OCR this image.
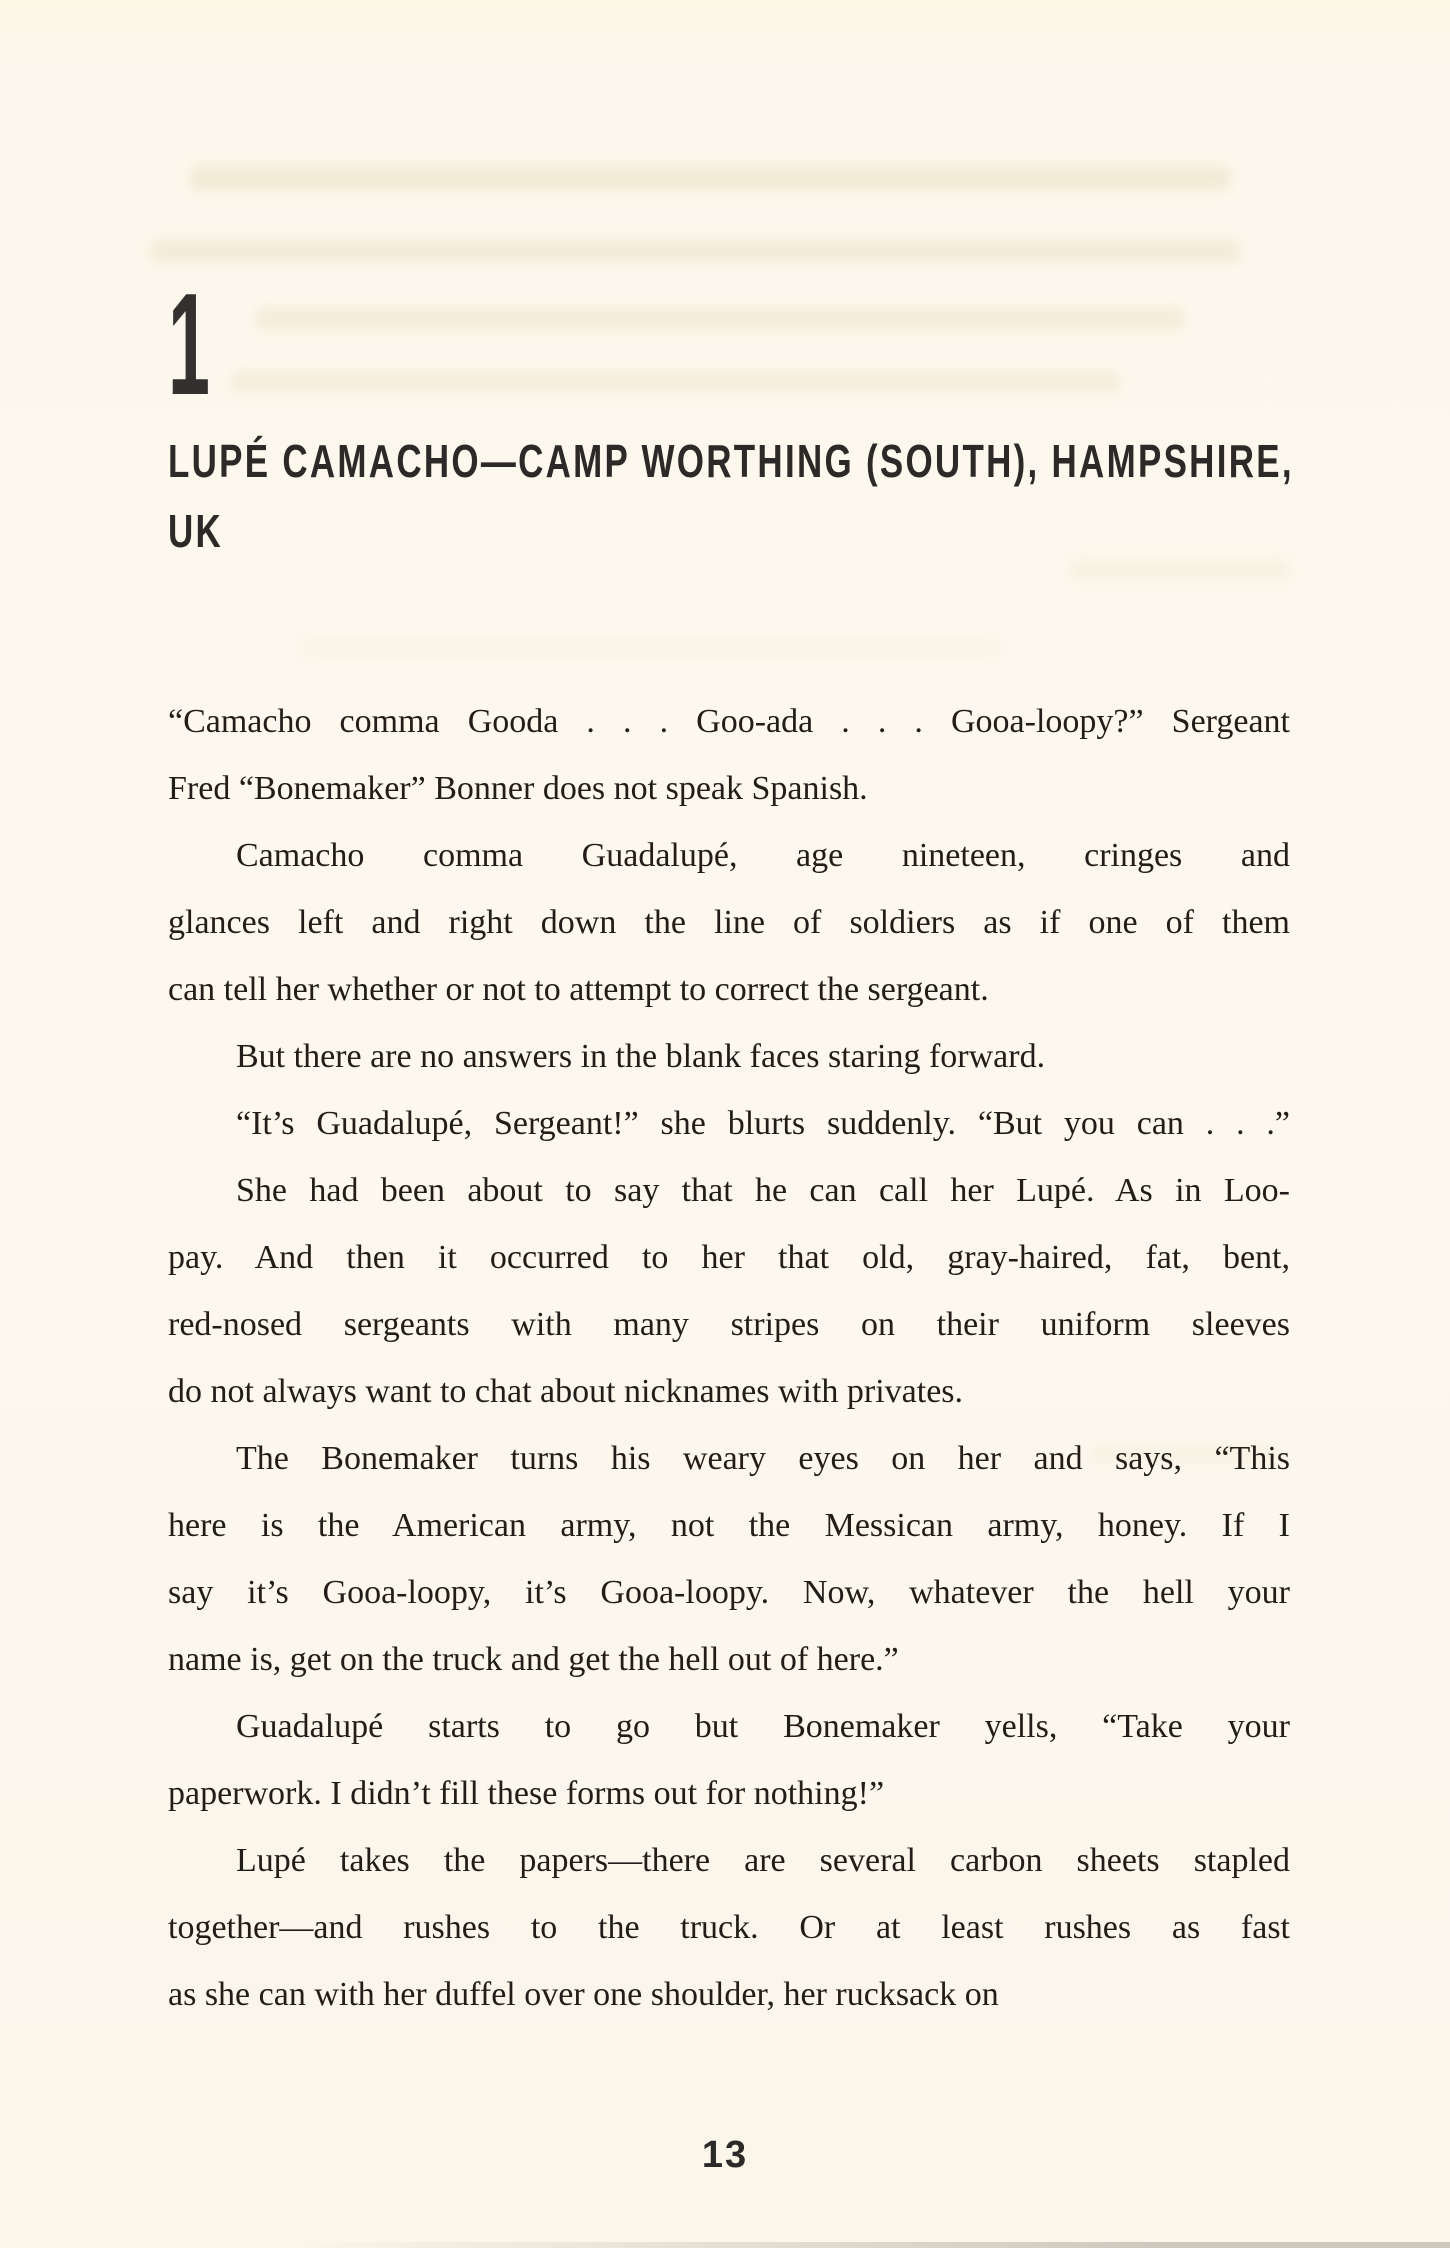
1
LUPÉ CAMACHO—CAMP WORTHING (SOUTH), HAMPSHIRE,
UK
“Camacho comma Gooda . . . Goo-ada . . . Gooa-loopy?” Sergeant
Fred “Bonemaker” Bonner does not speak Spanish.
Camacho comma Guadalupé, age nineteen, cringes and
glances left and right down the line of soldiers as if one of them
can tell her whether or not to attempt to correct the sergeant.
But there are no answers in the blank faces staring forward.
“It’s Guadalupé, Sergeant!” she blurts suddenly. “But you can . . .”
She had been about to say that he can call her Lupé. As in Loo-
pay. And then it occurred to her that old, gray-haired, fat, bent,
red-nosed sergeants with many stripes on their uniform sleeves
do not always want to chat about nicknames with privates.
The Bonemaker turns his weary eyes on her and says, “This
here is the American army, not the Messican army, honey. If I
say it’s Gooa-loopy, it’s Gooa-loopy. Now, whatever the hell your
name is, get on the truck and get the hell out of here.”
Guadalupé starts to go but Bonemaker yells, “Take your
paperwork. I didn’t fill these forms out for nothing!”
Lupé takes the papers—there are several carbon sheets stapled
together—and rushes to the truck. Or at least rushes as fast
as she can with her duffel over one shoulder, her rucksack on
13
